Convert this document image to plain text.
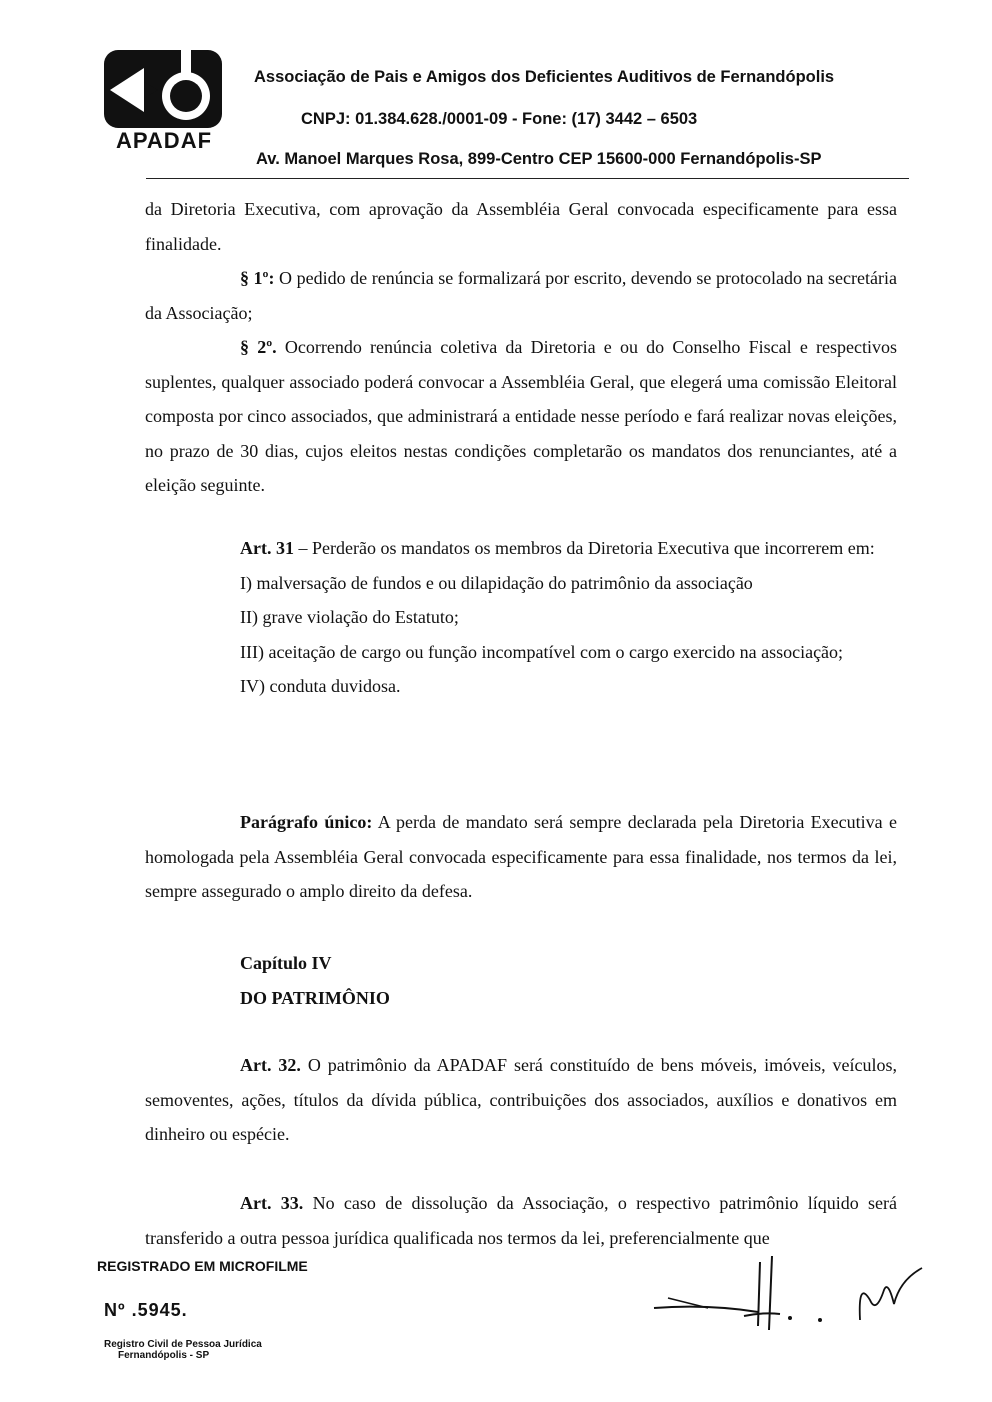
APADAF
Associação de Pais e Amigos dos Deficientes Auditivos de Fernandópolis
CNPJ: 01.384.628./0001-09 - Fone: (17) 3442 – 6503
Av. Manoel Marques Rosa, 899-Centro CEP 15600-000 Fernandópolis-SP

da Diretoria Executiva, com aprovação da Assembléia Geral convocada especificamente para essa finalidade.

§ 1º: O pedido de renúncia se formalizará por escrito, devendo se protocolado na secretária da Associação;

§ 2º. Ocorrendo renúncia coletiva da Diretoria e ou do Conselho Fiscal e respectivos suplentes, qualquer associado poderá convocar a Assembléia Geral, que elegerá uma comissão Eleitoral composta por cinco associados, que administrará a entidade nesse período e fará realizar novas eleições, no prazo de 30 dias, cujos eleitos nestas condições completarão os mandatos dos renunciantes, até a eleição seguinte.

Art. 31 – Perderão os mandatos os membros da Diretoria Executiva que incorrerem em:

I) malversação de fundos e ou dilapidação do patrimônio da associação

II) grave violação do Estatuto;

III) aceitação de cargo ou função incompatível com o cargo exercido na associação;

IV) conduta duvidosa.

Parágrafo único: A perda de mandato será sempre declarada pela Diretoria Executiva e homologada pela Assembléia Geral convocada especificamente para essa finalidade, nos termos da lei, sempre assegurado o amplo direito da defesa.

Capítulo IV

DO PATRIMÔNIO

Art. 32. O patrimônio da APADAF será constituído de bens móveis, imóveis, veículos, semoventes, ações, títulos da dívida pública, contribuições dos associados, auxílios e donativos em dinheiro ou espécie.

Art. 33. No caso de dissolução da Associação, o respectivo patrimônio líquido será transferido a outra pessoa jurídica qualificada nos termos da lei, preferencialmente que

REGISTRADO EM MICROFILME
Nº .5945.
Registro Civil de Pessoa Jurídica
Fernandópolis - SP
